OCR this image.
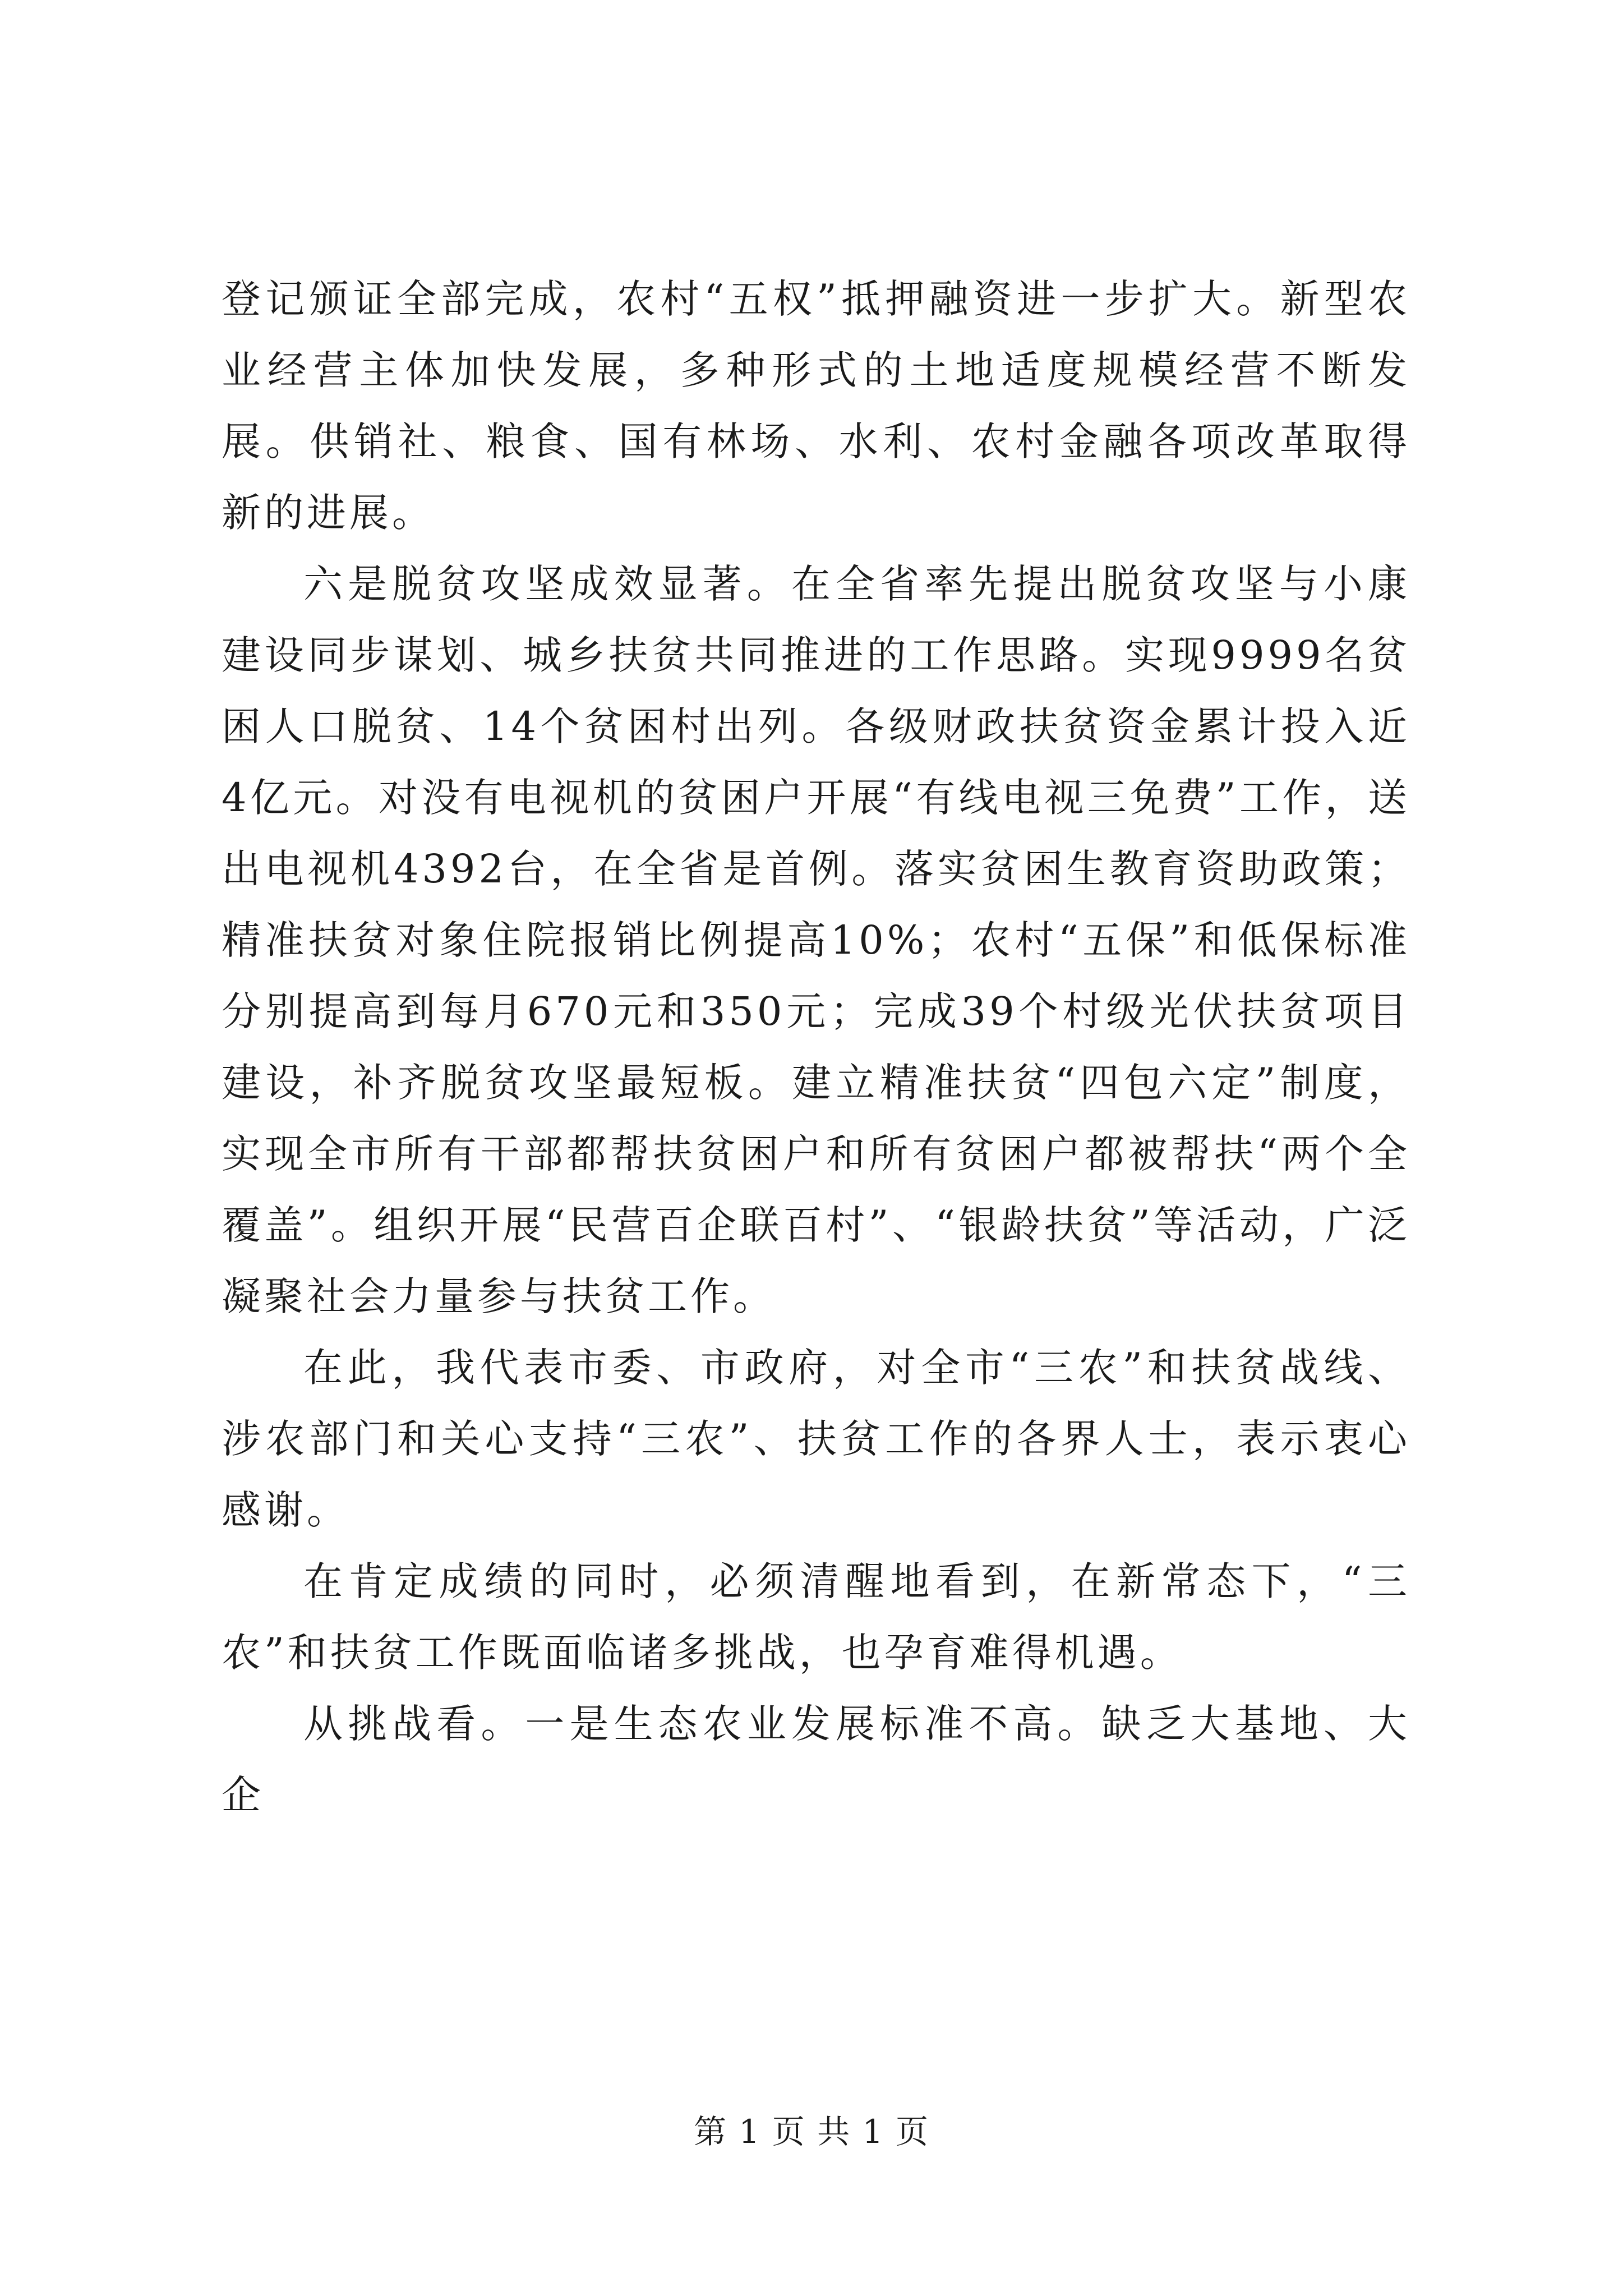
登记颁证全部完成，农村“五权”抵押融资进一步扩大。新型农业经营主体加快发展，多种形式的土地适度规模经营不断发展。供销社、粮食、国有林场、水利、农村金融各项改革取得新的进展。

六是脱贫攻坚成效显著。在全省率先提出脱贫攻坚与小康建设同步谋划、城乡扶贫共同推进的工作思路。实现9999名贫困人口脱贫、14个贫困村出列。各级财政扶贫资金累计投入近4亿元。对没有电视机的贫困户开展“有线电视三免费”工作，送出电视机4392台，在全省是首例。落实贫困生教育资助政策；精准扶贫对象住院报销比例提高10%；农村“五保”和低保标准分别提高到每月670元和350元；完成39个村级光伏扶贫项目建设，补齐脱贫攻坚最短板。建立精准扶贫“四包六定”制度，实现全市所有干部都帮扶贫困户和所有贫困户都被帮扶“两个全覆盖”。组织开展“民营百企联百村”、“银龄扶贫”等活动，广泛凝聚社会力量参与扶贫工作。

在此，我代表市委、市政府，对全市“三农”和扶贫战线、涉农部门和关心支持“三农”、扶贫工作的各界人士，表示衷心感谢。

在肯定成绩的同时，必须清醒地看到，在新常态下，“三农”和扶贫工作既面临诸多挑战，也孕育难得机遇。

从挑战看。一是生态农业发展标准不高。缺乏大基地、大企

第 1 页 共 1 页
